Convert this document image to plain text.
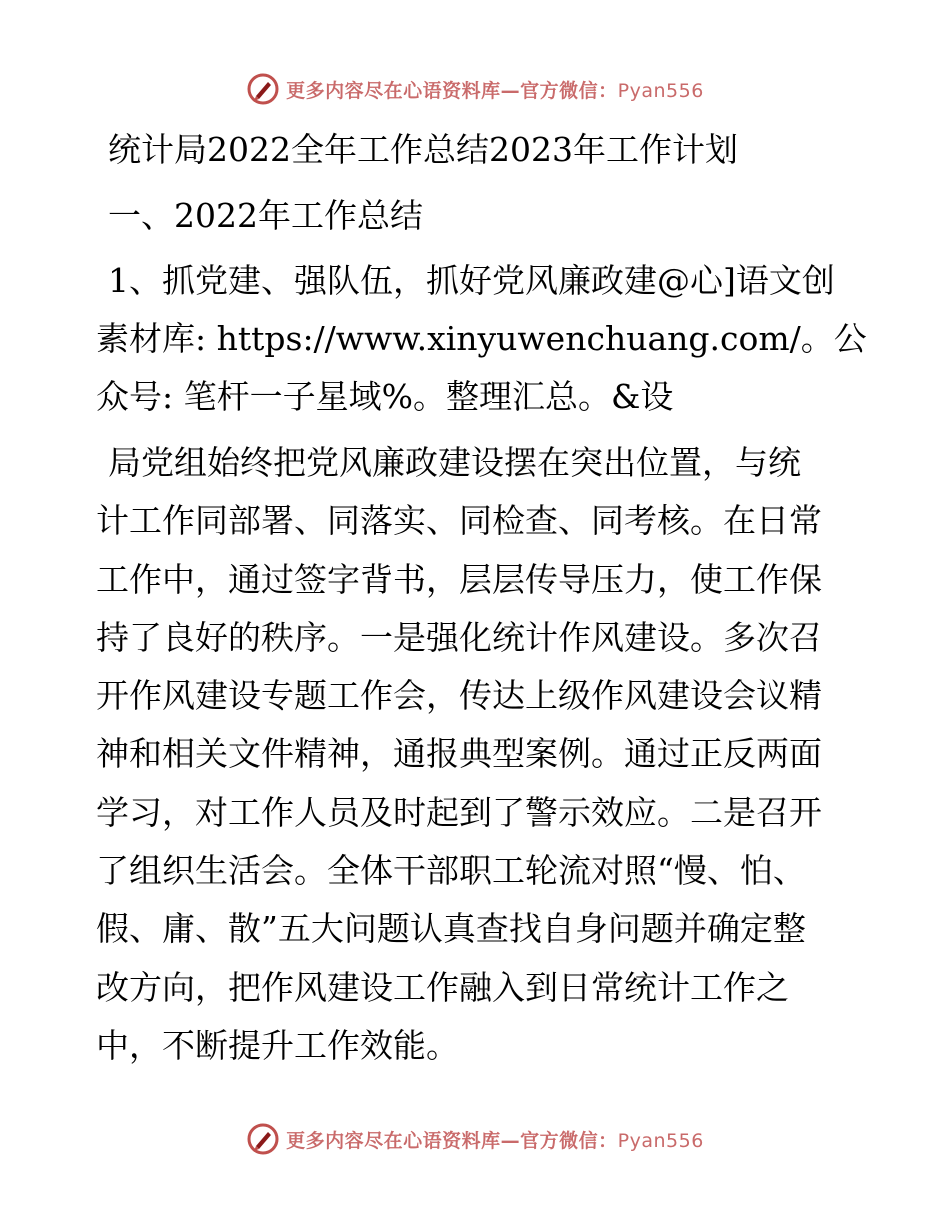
更多内容尽在心语资料库—官方微信：Pyan556
统计局2022全年工作总结2023年工作计划
一、2022年工作总结
1、抓党建、强队伍，抓好党风廉政建@心]语文创
素材库: https://www.xinyuwenchuang.com/。公
众号: 笔杆一子星域%。整理汇总。&设
局党组始终把党风廉政建设摆在突出位置，与统
计工作同部署、同落实、同检查、同考核。在日常
工作中，通过签字背书，层层传导压力，使工作保
持了良好的秩序。一是强化统计作风建设。多次召
开作风建设专题工作会，传达上级作风建设会议精
神和相关文件精神，通报典型案例。通过正反两面
学习，对工作人员及时起到了警示效应。二是召开
了组织生活会。全体干部职工轮流对照“慢、怕、
假、庸、散”五大问题认真查找自身问题并确定整
改方向，把作风建设工作融入到日常统计工作之
中，不断提升工作效能。
更多内容尽在心语资料库—官方微信：Pyan556
